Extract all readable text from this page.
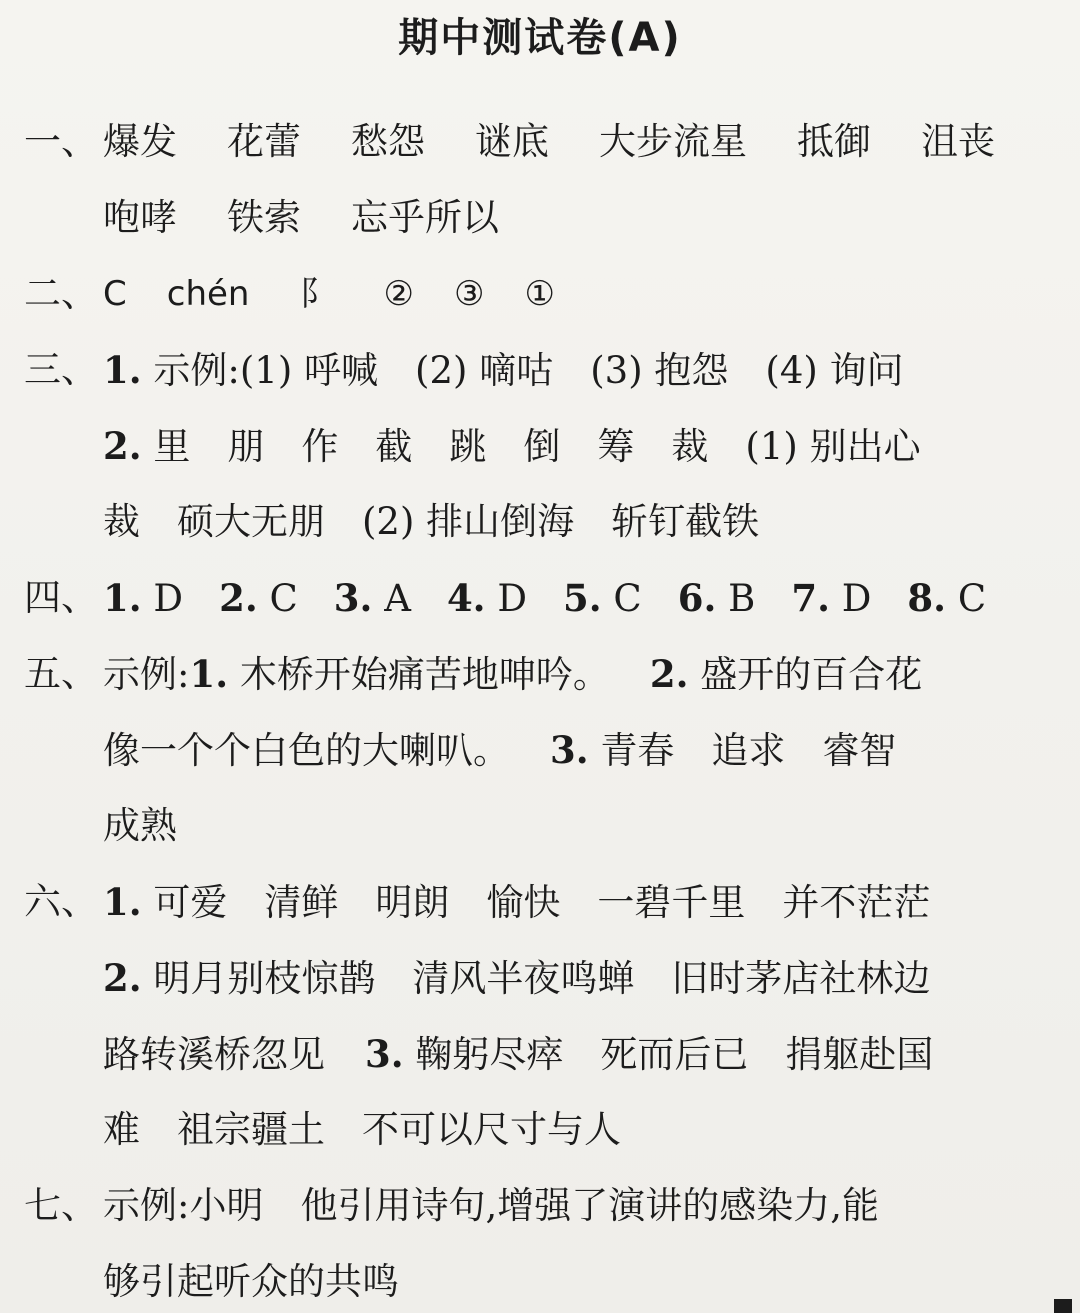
期中测试卷(A)
一、 爆发 花蕾 愁怨 谜底 大步流星 抵御 沮丧
咆哮 铁索 忘乎所以
二、 C chén 阝 ② ③ ①
三、 1. 示例:(1) 呼喊　(2) 嘀咕　(3) 抱怨　(4) 询问
2. 里　朋　作　截　跳　倒　筹　裁　(1) 别出心
裁　硕大无朋　(2) 排山倒海　斩钉截铁
四、 1. D 2. C 3. A 4. D 5. C 6. B 7. D 8. C
五、 示例:1. 木桥开始痛苦地呻吟。 2. 盛开的百合花
像一个个白色的大喇叭。 3. 青春　追求　睿智
成熟
六、 1. 可爱　清鲜　明朗　愉快　一碧千里　并不茫茫
2. 明月别枝惊鹊　清风半夜鸣蝉　旧时茅店社林边
路转溪桥忽见 3. 鞠躬尽瘁　死而后已　捐躯赴国
难　祖宗疆土　不可以尺寸与人
七、 示例:小明　他引用诗句,增强了演讲的感染力,能
够引起听众的共鸣
